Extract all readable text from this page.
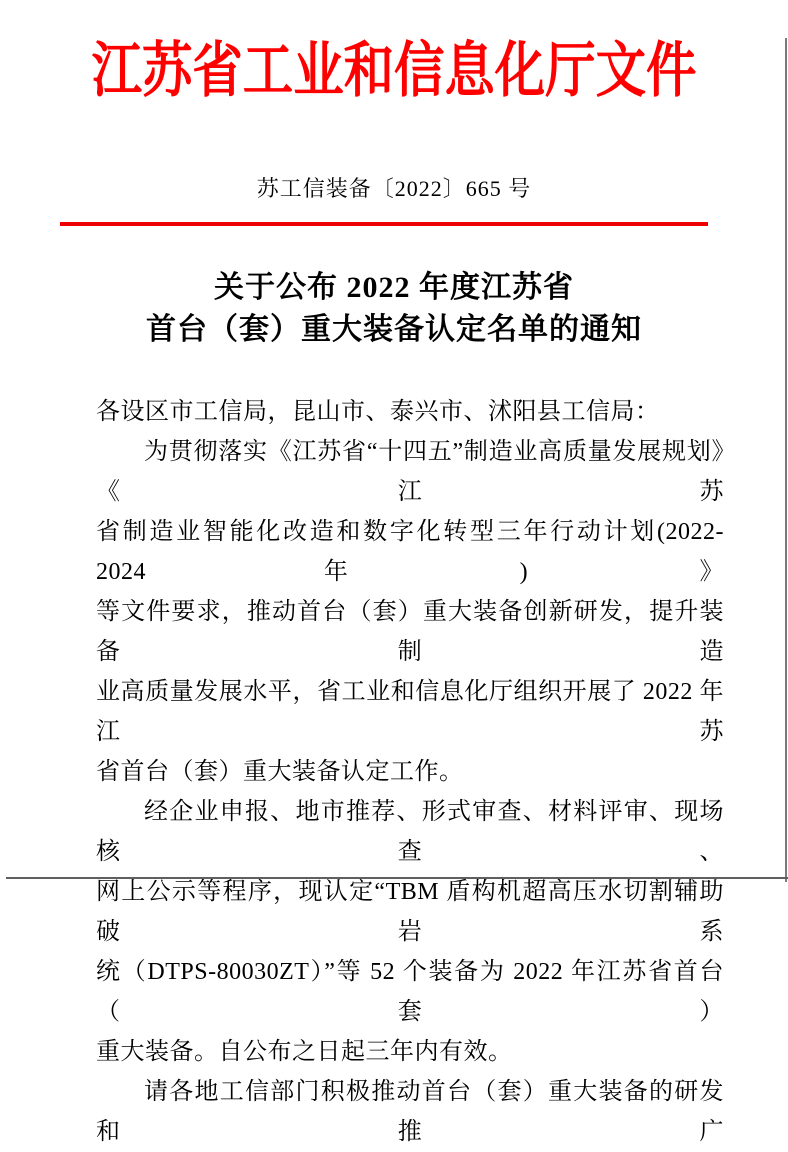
江苏省工业和信息化厅文件
苏工信装备〔2022〕665 号
关于公布 2022 年度江苏省
首台（套）重大装备认定名单的通知
各设区市工信局，昆山市、泰兴市、沭阳县工信局：
为贯彻落实《江苏省“十四五”制造业高质量发展规划》《江苏
省制造业智能化改造和数字化转型三年行动计划(2022-2024 年)》
等文件要求，推动首台（套）重大装备创新研发，提升装备制造
业高质量发展水平，省工业和信息化厅组织开展了 2022 年江苏
省首台（套）重大装备认定工作。
经企业申报、地市推荐、形式审查、材料评审、现场核查、
网上公示等程序，现认定“TBM 盾构机超高压水切割辅助破岩系
统（DTPS-80030ZT）”等 52 个装备为 2022 年江苏省首台（套）
重大装备。自公布之日起三年内有效。
请各地工信部门积极推动首台（套）重大装备的研发和推广
